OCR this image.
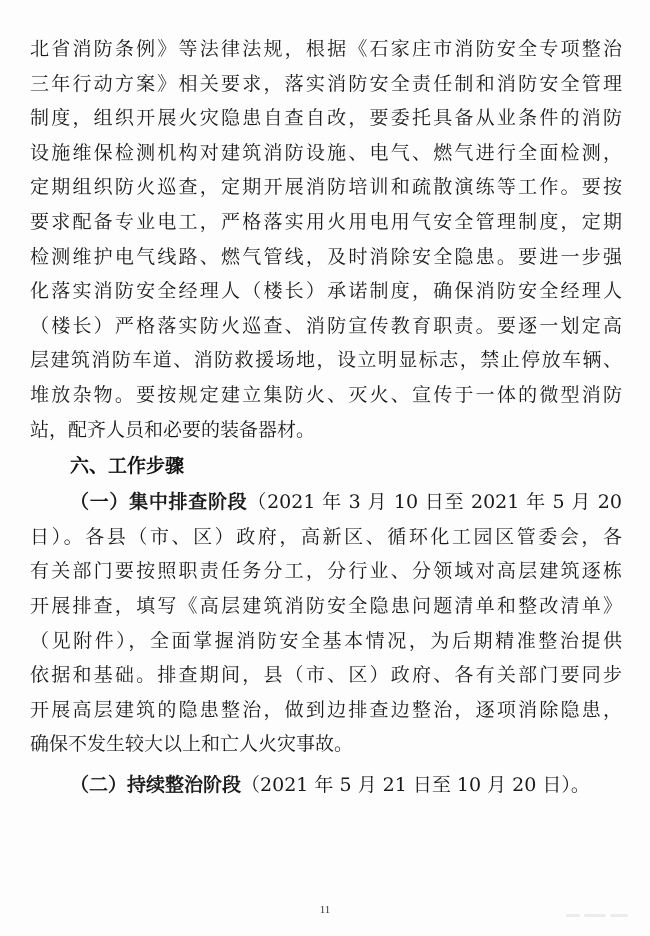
北省消防条例》等法律法规，根据《石家庄市消防安全专项整治
三年行动方案》相关要求，落实消防安全责任制和消防安全管理
制度，组织开展火灾隐患自查自改，要委托具备从业条件的消防
设施维保检测机构对建筑消防设施、电气、燃气进行全面检测，
定期组织防火巡查，定期开展消防培训和疏散演练等工作。要按
要求配备专业电工，严格落实用火用电用气安全管理制度，定期
检测维护电气线路、燃气管线，及时消除安全隐患。要进一步强
化落实消防安全经理人（楼长）承诺制度，确保消防安全经理人
（楼长）严格落实防火巡查、消防宣传教育职责。要逐一划定高
层建筑消防车道、消防救援场地，设立明显标志，禁止停放车辆、
堆放杂物。要按规定建立集防火、灭火、宣传于一体的微型消防
站，配齐人员和必要的装备器材。
六、工作步骤
（一）集中排查阶段（2021 年 3 月 10 日至 2021 年 5 月 20
日）。各县（市、区）政府，高新区、循环化工园区管委会，各
有关部门要按照职责任务分工，分行业、分领域对高层建筑逐栋
开展排查，填写《高层建筑消防安全隐患问题清单和整改清单》
（见附件），全面掌握消防安全基本情况，为后期精准整治提供
依据和基础。排查期间，县（市、区）政府、各有关部门要同步
开展高层建筑的隐患整治，做到边排查边整治，逐项消除隐患，
确保不发生较大以上和亡人火灾事故。
（二）持续整治阶段（2021 年 5 月 21 日至 10 月 20 日）。
11
